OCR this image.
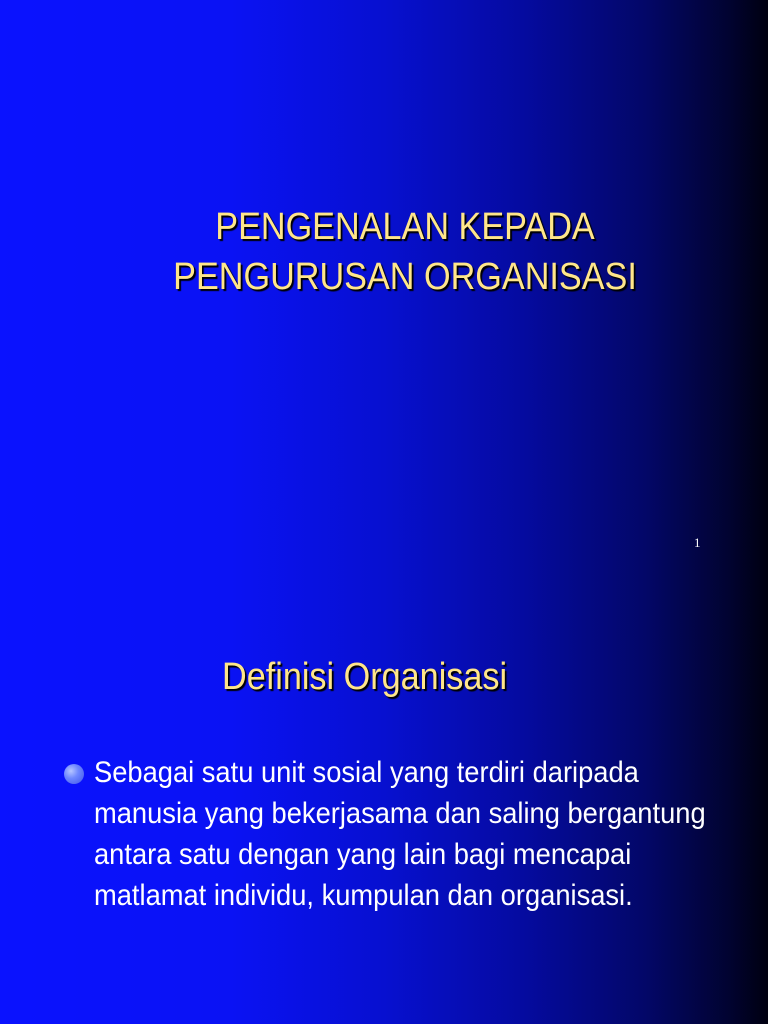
PENGENALAN KEPADA
PENGURUSAN ORGANISASI
1
Definisi Organisasi
Sebagai satu unit sosial yang terdiri daripada manusia yang bekerjasama dan saling bergantung antara satu dengan yang lain bagi mencapai matlamat individu, kumpulan dan organisasi.
